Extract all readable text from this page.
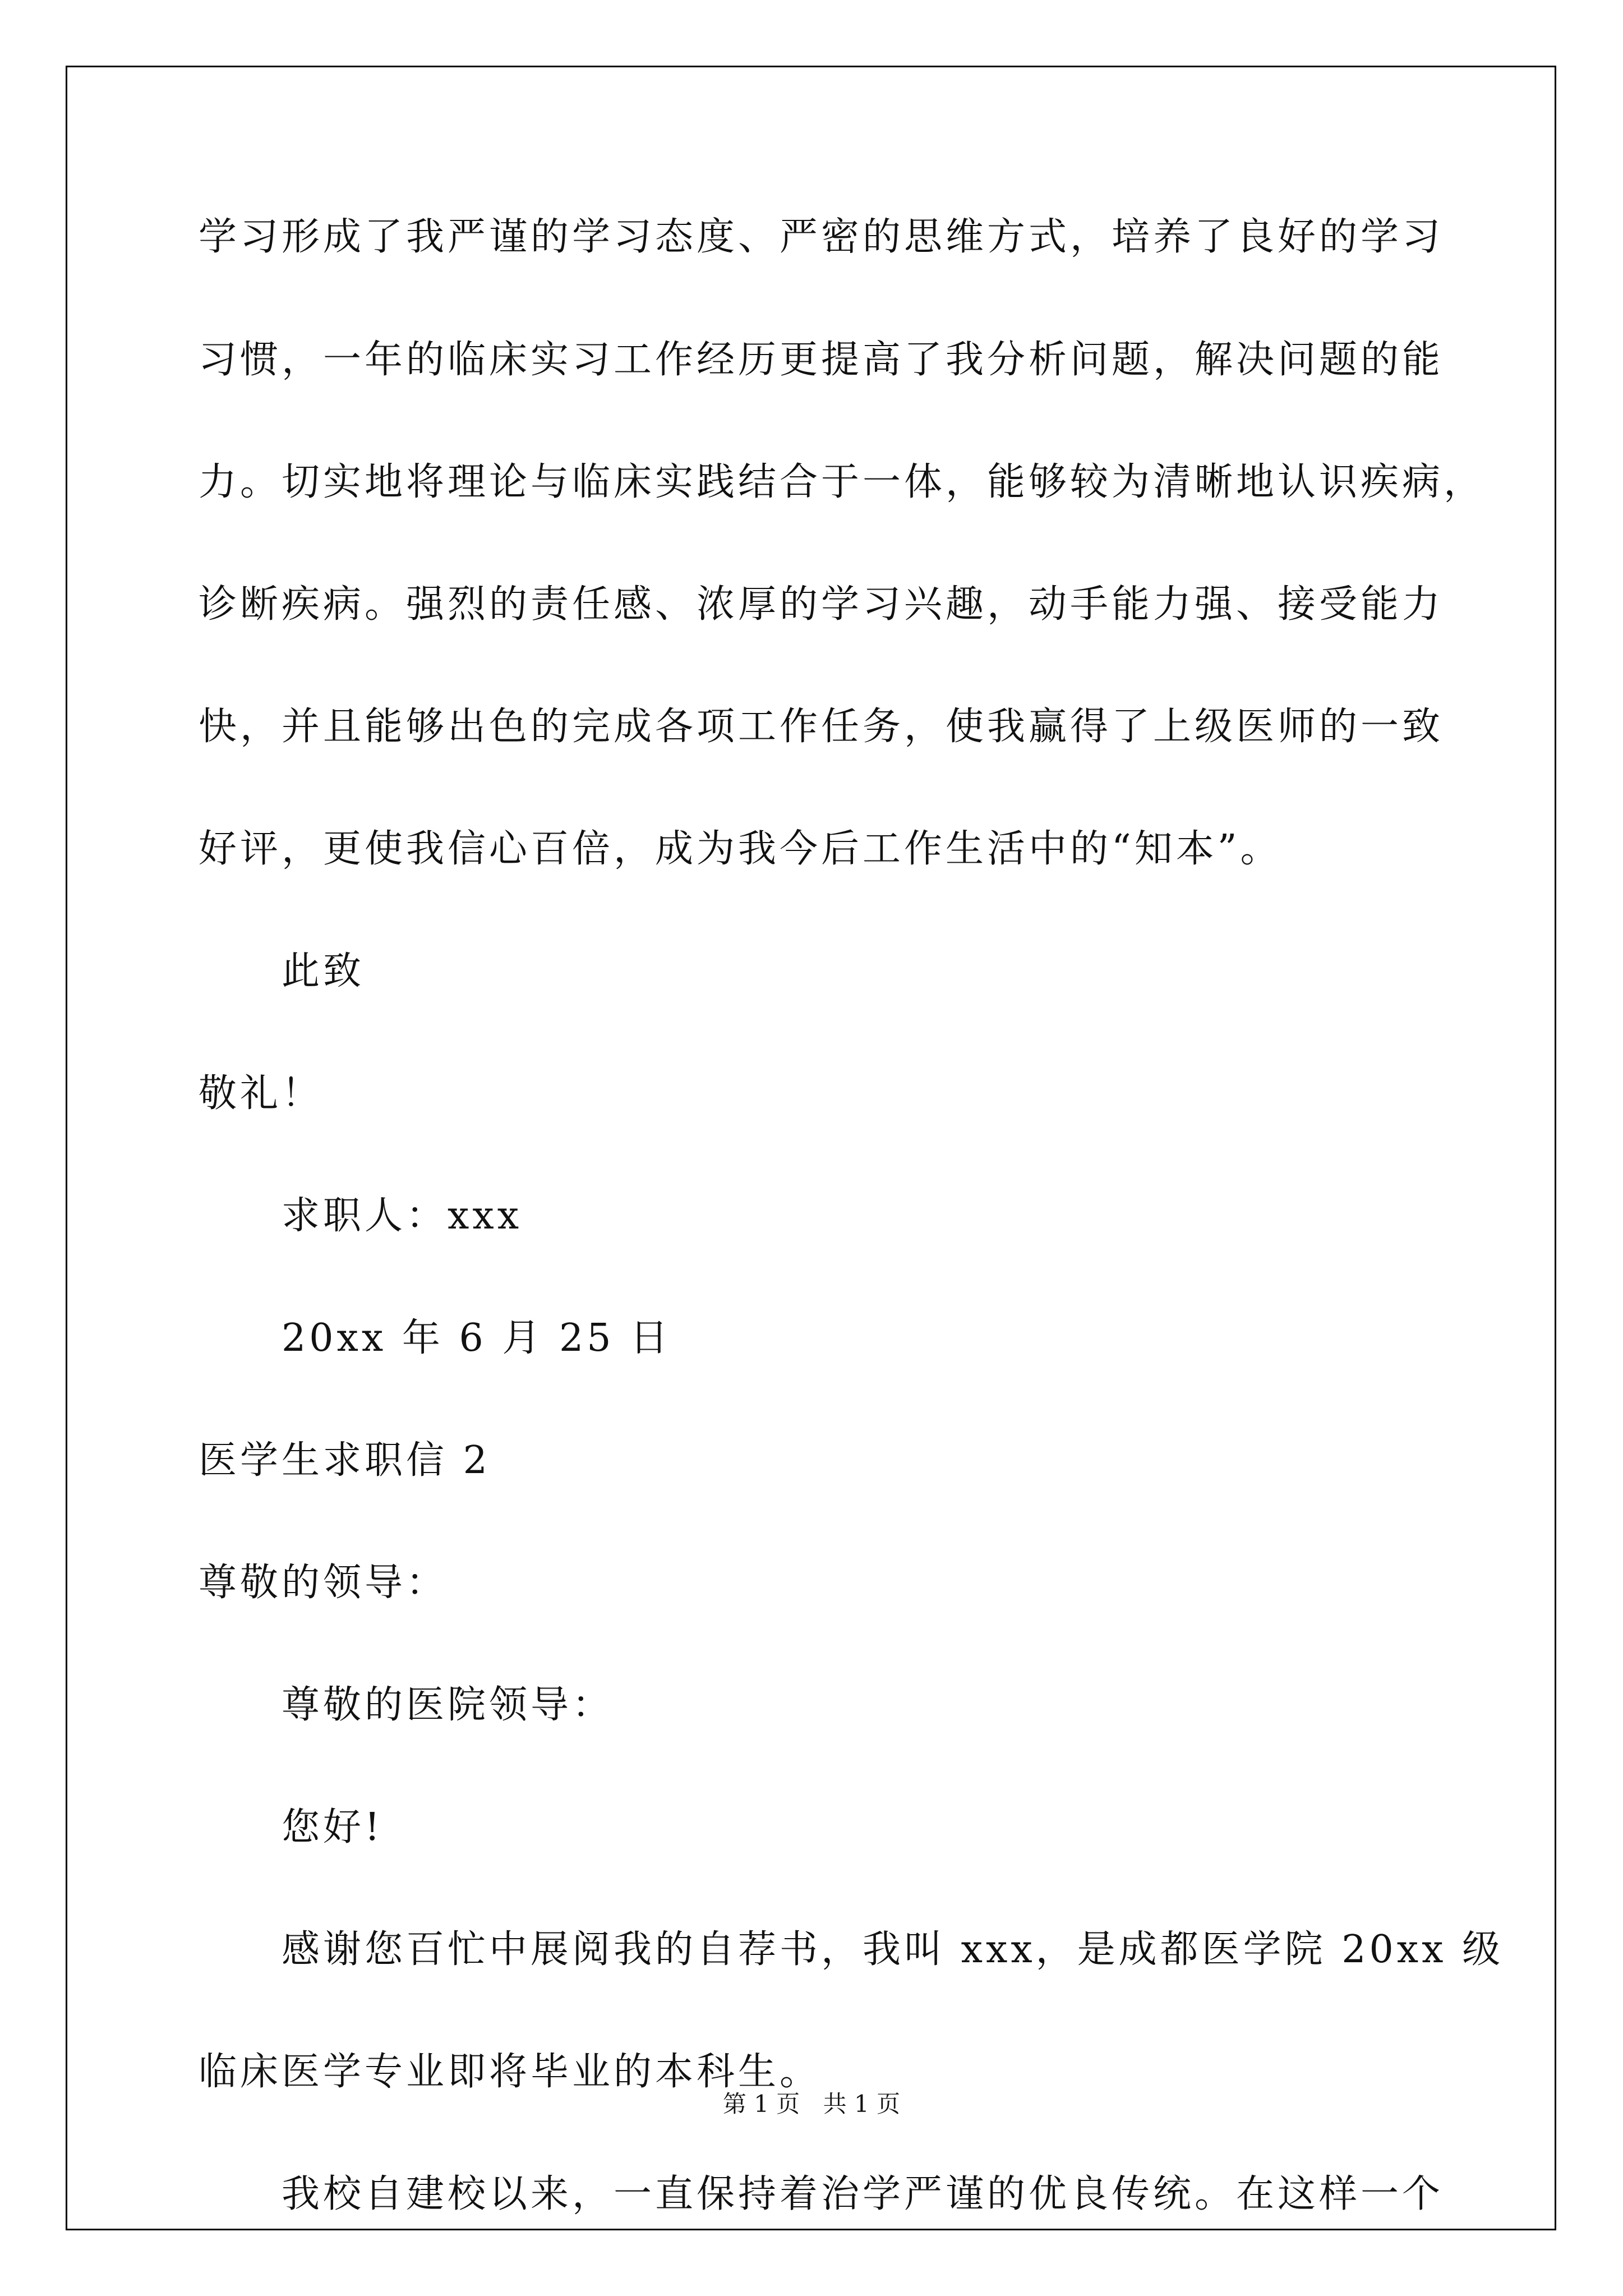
学习形成了我严谨的学习态度、严密的思维方式，培养了良好的学习
习惯，一年的临床实习工作经历更提高了我分析问题，解决问题的能
力。切实地将理论与临床实践结合于一体，能够较为清晰地认识疾病，
诊断疾病。强烈的责任感、浓厚的学习兴趣，动手能力强、接受能力
快，并且能够出色的完成各项工作任务，使我赢得了上级医师的一致
好评，更使我信心百倍，成为我今后工作生活中的“知本”。
此致
敬礼！
求职人：xxx
20xx 年 6 月 25 日
医学生求职信 2
尊敬的领导：
尊敬的医院领导：
您好!
第 1 页 共 1 页
感谢您百忙中展阅我的自荐书，我叫 xxx，是成都医学院 20xx 级
临床医学专业即将毕业的本科生。
我校自建校以来，一直保持着治学严谨的优良传统。在这样一个
